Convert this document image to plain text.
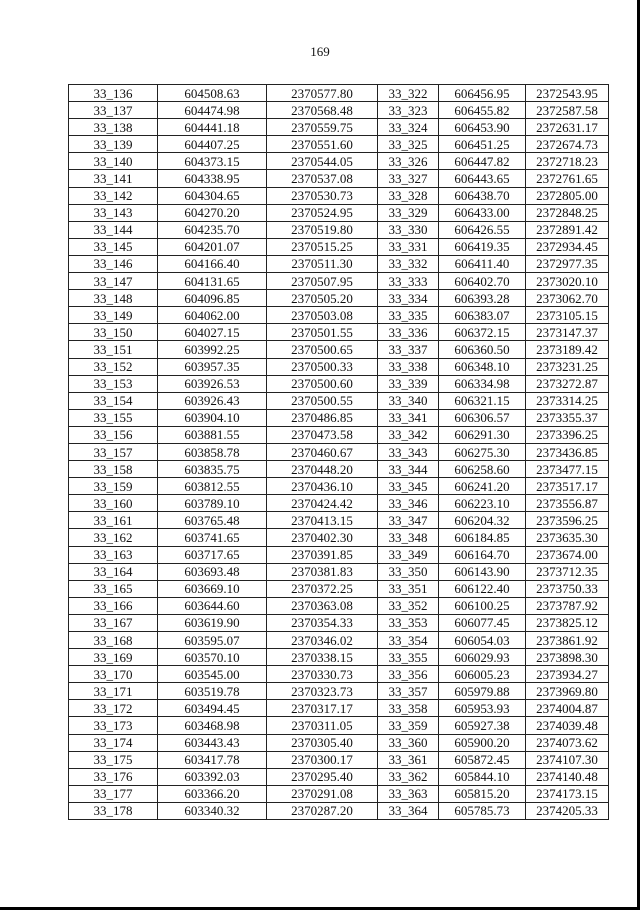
169
33_136	604508.63	2370577.80	33_322	606456.95	2372543.95
33_137	604474.98	2370568.48	33_323	606455.82	2372587.58
33_138	604441.18	2370559.75	33_324	606453.90	2372631.17
33_139	604407.25	2370551.60	33_325	606451.25	2372674.73
33_140	604373.15	2370544.05	33_326	606447.82	2372718.23
33_141	604338.95	2370537.08	33_327	606443.65	2372761.65
33_142	604304.65	2370530.73	33_328	606438.70	2372805.00
33_143	604270.20	2370524.95	33_329	606433.00	2372848.25
33_144	604235.70	2370519.80	33_330	606426.55	2372891.42
33_145	604201.07	2370515.25	33_331	606419.35	2372934.45
33_146	604166.40	2370511.30	33_332	606411.40	2372977.35
33_147	604131.65	2370507.95	33_333	606402.70	2373020.10
33_148	604096.85	2370505.20	33_334	606393.28	2373062.70
33_149	604062.00	2370503.08	33_335	606383.07	2373105.15
33_150	604027.15	2370501.55	33_336	606372.15	2373147.37
33_151	603992.25	2370500.65	33_337	606360.50	2373189.42
33_152	603957.35	2370500.33	33_338	606348.10	2373231.25
33_153	603926.53	2370500.60	33_339	606334.98	2373272.87
33_154	603926.43	2370500.55	33_340	606321.15	2373314.25
33_155	603904.10	2370486.85	33_341	606306.57	2373355.37
33_156	603881.55	2370473.58	33_342	606291.30	2373396.25
33_157	603858.78	2370460.67	33_343	606275.30	2373436.85
33_158	603835.75	2370448.20	33_344	606258.60	2373477.15
33_159	603812.55	2370436.10	33_345	606241.20	2373517.17
33_160	603789.10	2370424.42	33_346	606223.10	2373556.87
33_161	603765.48	2370413.15	33_347	606204.32	2373596.25
33_162	603741.65	2370402.30	33_348	606184.85	2373635.30
33_163	603717.65	2370391.85	33_349	606164.70	2373674.00
33_164	603693.48	2370381.83	33_350	606143.90	2373712.35
33_165	603669.10	2370372.25	33_351	606122.40	2373750.33
33_166	603644.60	2370363.08	33_352	606100.25	2373787.92
33_167	603619.90	2370354.33	33_353	606077.45	2373825.12
33_168	603595.07	2370346.02	33_354	606054.03	2373861.92
33_169	603570.10	2370338.15	33_355	606029.93	2373898.30
33_170	603545.00	2370330.73	33_356	606005.23	2373934.27
33_171	603519.78	2370323.73	33_357	605979.88	2373969.80
33_172	603494.45	2370317.17	33_358	605953.93	2374004.87
33_173	603468.98	2370311.05	33_359	605927.38	2374039.48
33_174	603443.43	2370305.40	33_360	605900.20	2374073.62
33_175	603417.78	2370300.17	33_361	605872.45	2374107.30
33_176	603392.03	2370295.40	33_362	605844.10	2374140.48
33_177	603366.20	2370291.08	33_363	605815.20	2374173.15
33_178	603340.32	2370287.20	33_364	605785.73	2374205.33
